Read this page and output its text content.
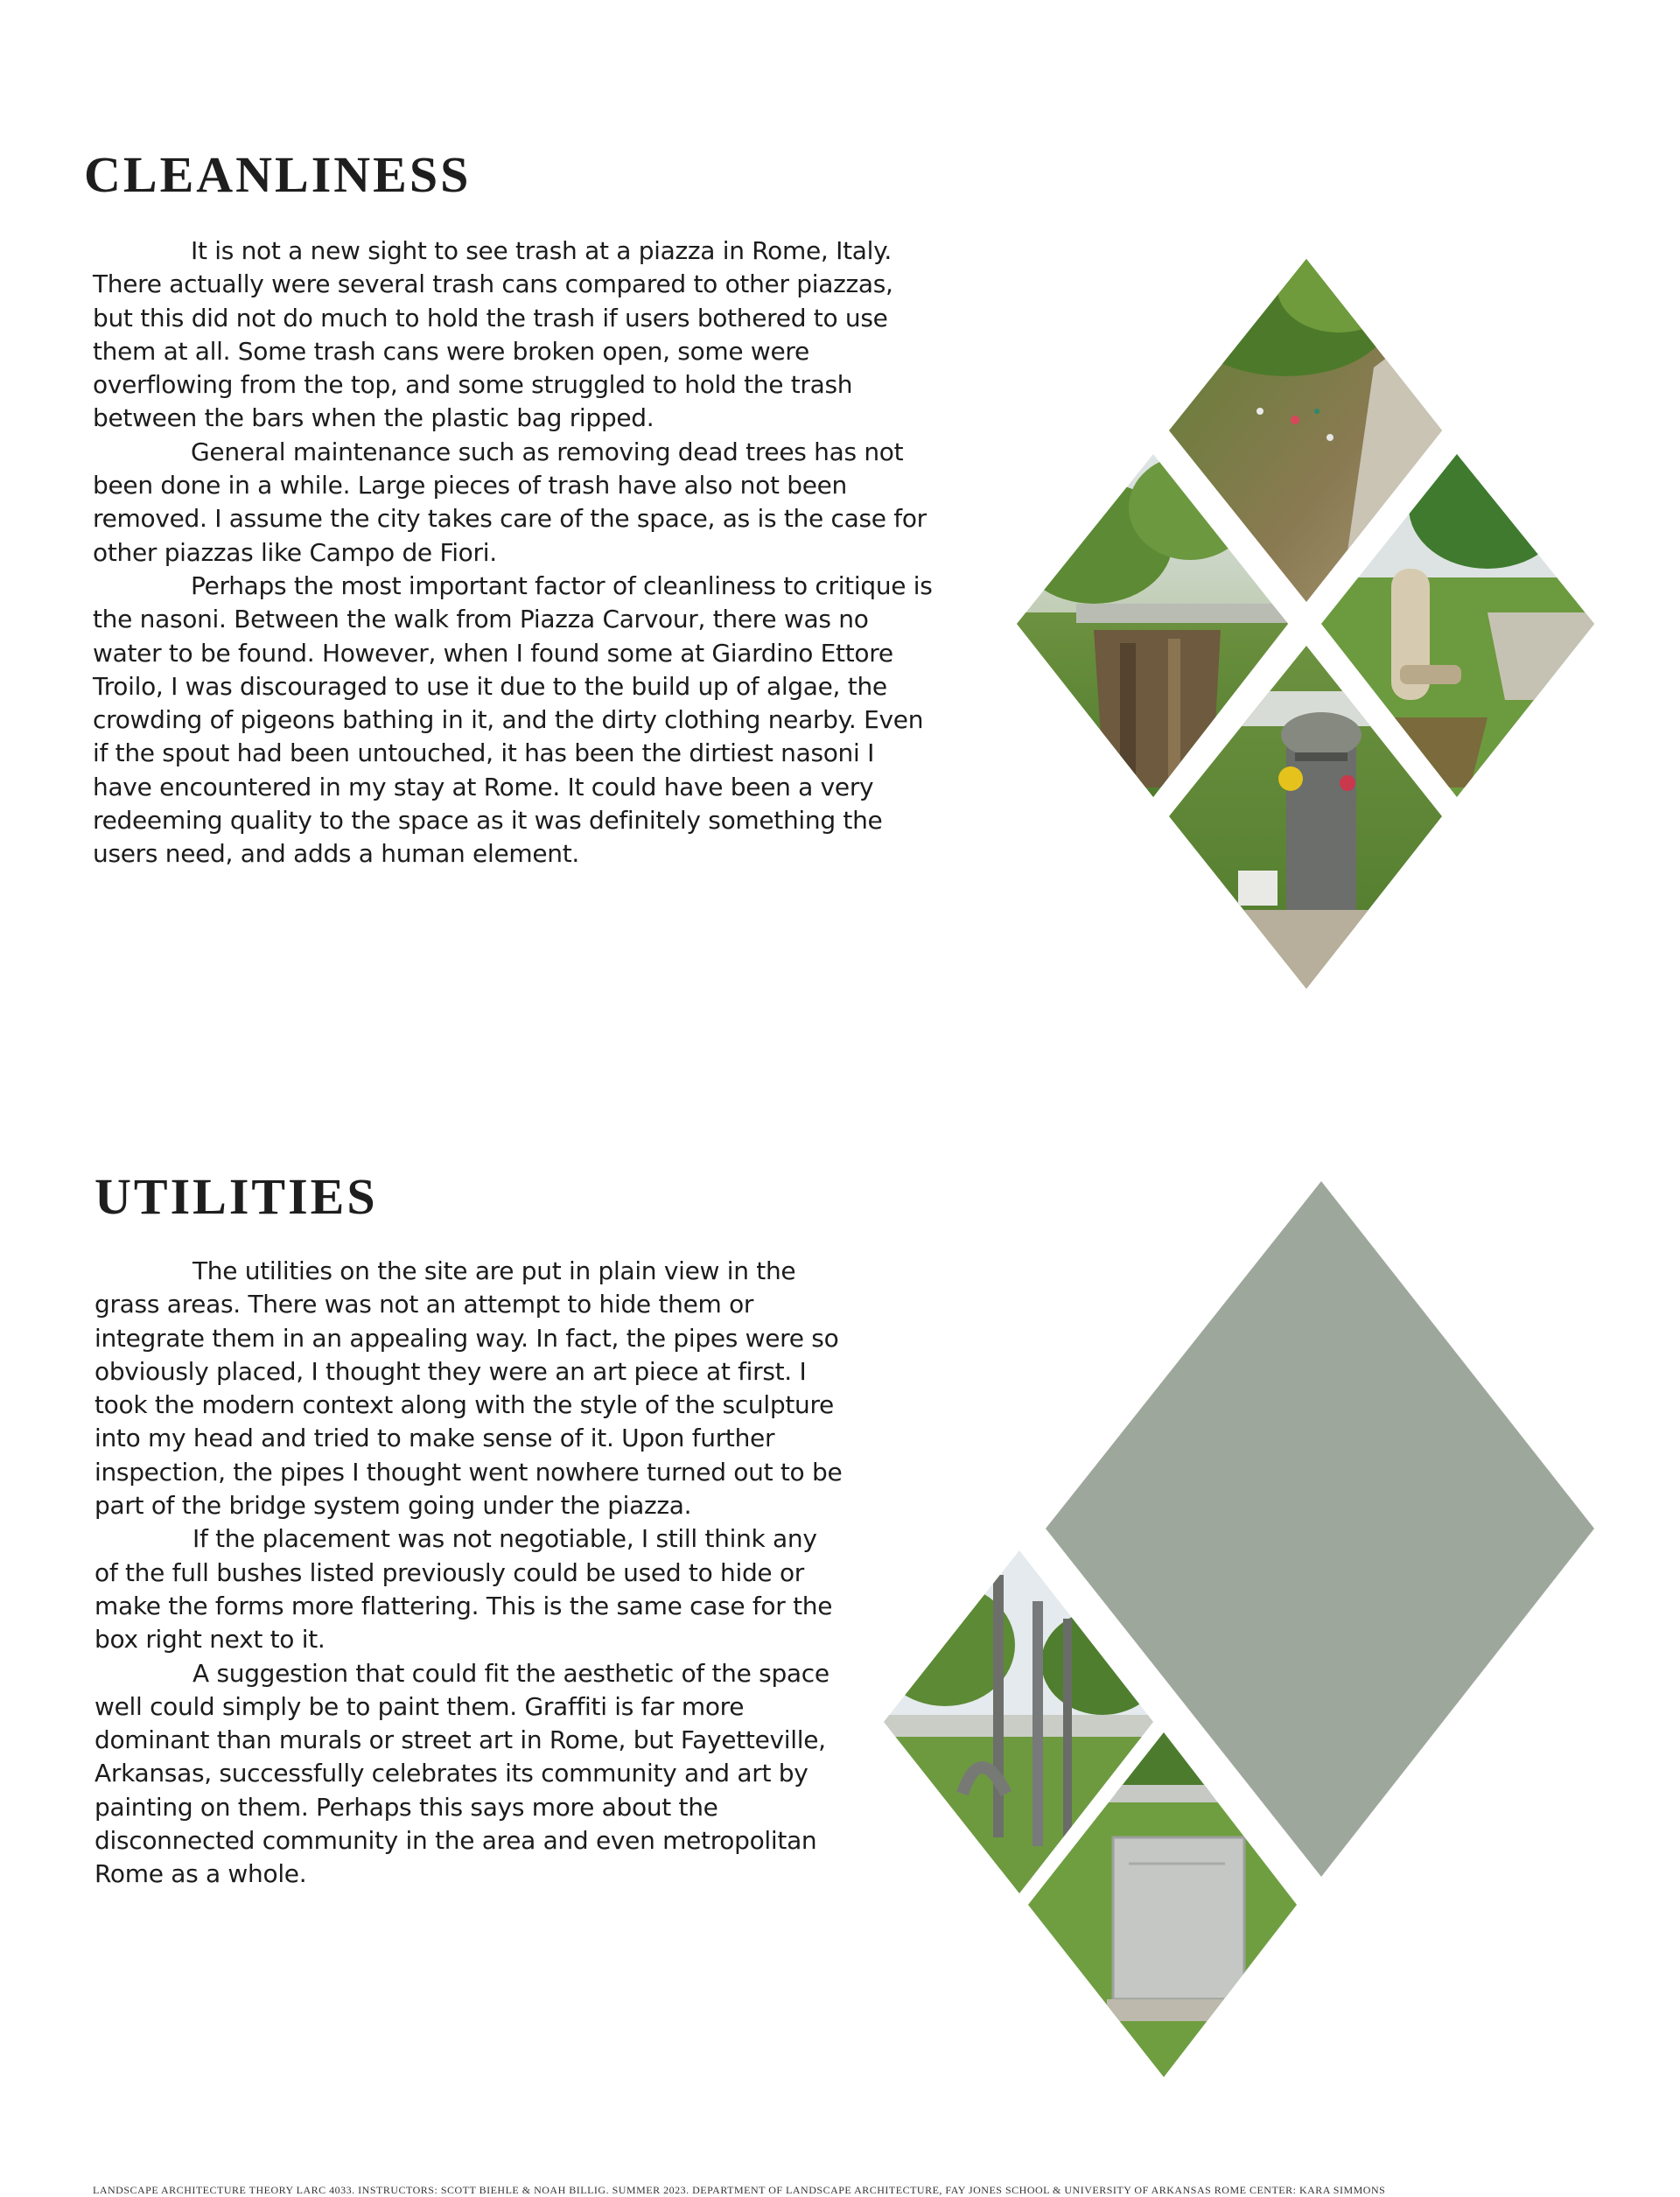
CLEANLINESS

It is not a new sight to see trash at a piazza in Rome, Italy. There actually were several trash cans compared to other piazzas, but this did not do much to hold the trash if users bothered to use them at all. Some trash cans were broken open, some were overflowing from the top, and some struggled to hold the trash between the bars when the plastic bag ripped.

General maintenance such as removing dead trees has not been done in a while. Large pieces of trash have also not been removed. I assume the city takes care of the space, as is the case for other piazzas like Campo de Fiori.

Perhaps the most important factor of cleanliness to critique is the nasoni. Between the walk from Piazza Carvour, there was no water to be found. However, when I found some at Giardino Ettore Troilo, I was discouraged to use it due to the build up of algae, the crowding of pigeons bathing in it, and the dirty clothing nearby. Even if the spout had been untouched, it has been the dirtiest nasoni I have encountered in my stay at Rome. It could have been a very redeeming quality to the space as it was definitely something the users need, and adds a human element.

UTILITIES

The utilities on the site are put in plain view in the grass areas. There was not an attempt to hide them or integrate them in an appealing way. In fact, the pipes were so obviously placed, I thought they were an art piece at first. I took the modern context along with the style of the sculpture into my head and tried to make sense of it. Upon further inspection, the pipes I thought went nowhere turned out to be part of the bridge system going under the piazza.

If the placement was not negotiable, I still think any of the full bushes listed previously could be used to hide or make the forms more flattering. This is the same case for the box right next to it.

A suggestion that could fit the aesthetic of the space well could simply be to paint them. Graffiti is far more dominant than murals or street art in Rome, but Fayetteville, Arkansas, successfully celebrates its community and art by painting on them. Perhaps this says more about the disconnected community in the area and even metropolitan Rome as a whole.

LANDSCAPE ARCHITECTURE THEORY LARC 4033. INSTRUCTORS: SCOTT BIEHLE & NOAH BILLIG. SUMMER 2023. DEPARTMENT OF LANDSCAPE ARCHITECTURE, FAY JONES SCHOOL & UNIVERSITY OF ARKANSAS ROME CENTER: KARA SIMMONS
